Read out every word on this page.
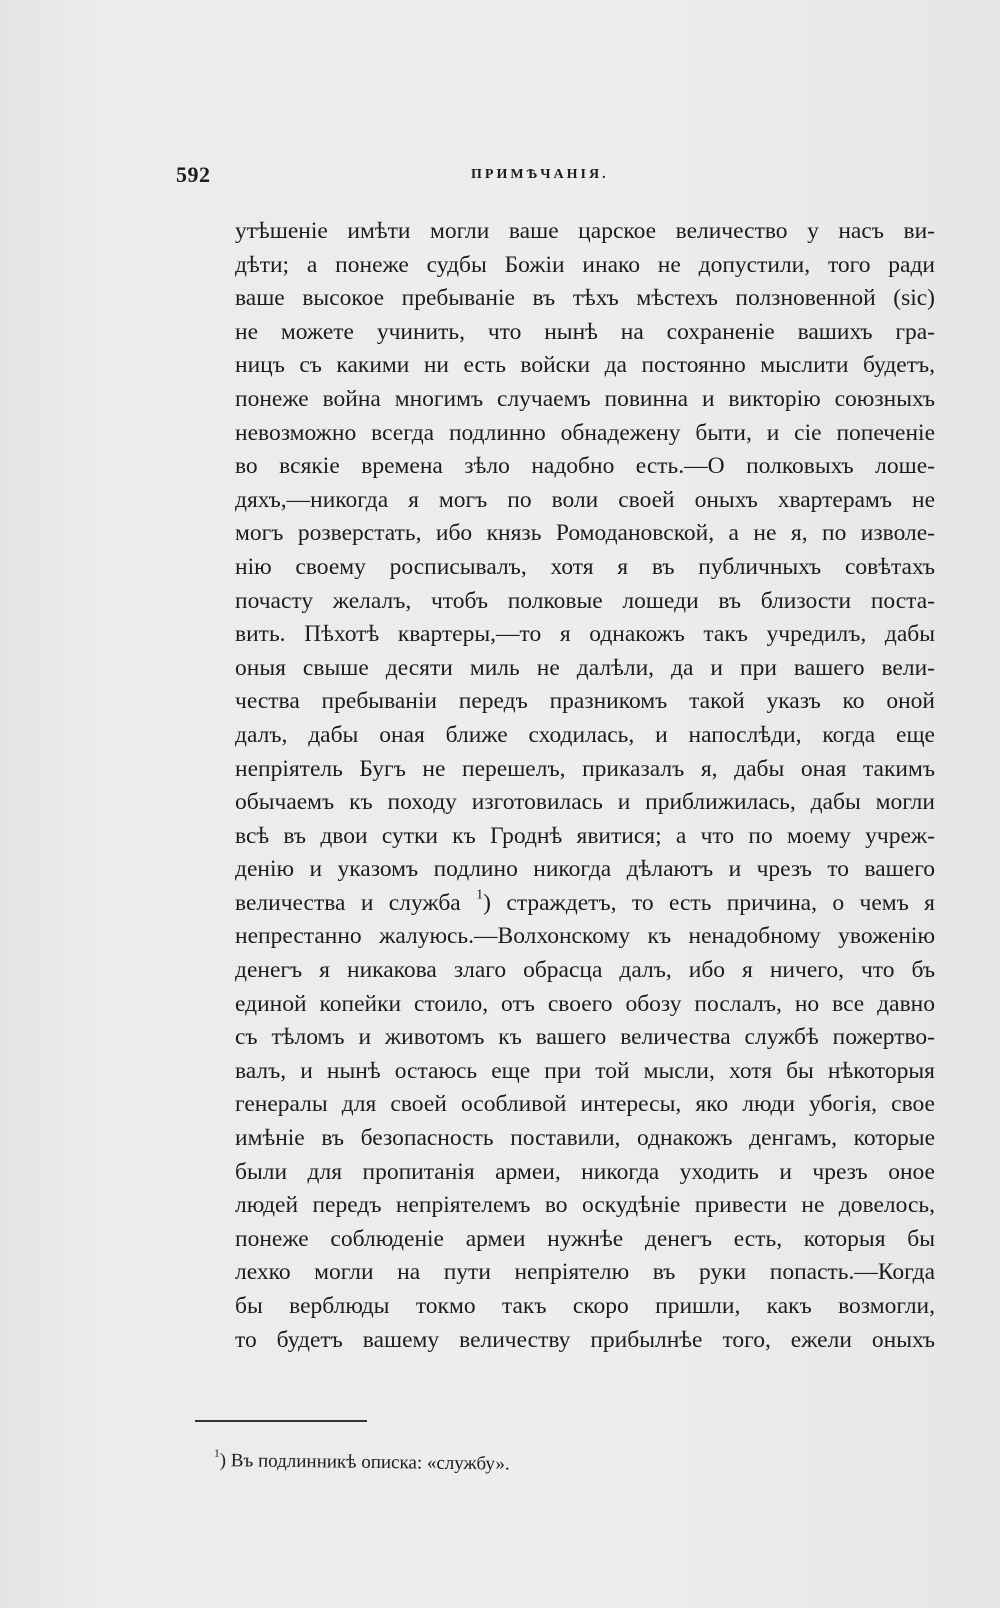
592	ПРИМѢЧАНІЯ.
утѣшеніе имѣти могли ваше царское величество у насъ ви-
дѣти; а понеже судбы Божіи инако не допустили, того ради
ваше высокое пребываніе въ тѣхъ мѣстехъ ползновенной (sic)
не можете учинить, что нынѣ на сохраненіе вашихъ гра-
ницъ съ какими ни есть войски да постоянно мыслити будетъ,
понеже война многимъ случаемъ повинна и викторію союзныхъ
невозможно всегда подлинно обнадежену быти, и сіе попеченіе
во всякіе времена зѣло надобно есть.—О полковыхъ лоше-
дяхъ,—никогда я могъ по воли своей оныхъ хвартерамъ не
могъ розверстать, ибо князь Ромодановской, а не я, по изволе-
нію своему росписывалъ, хотя я въ публичныхъ совѣтахъ
почасту желалъ, чтобъ полковые лошеди въ близости поста-
вить. Пѣхотѣ квартеры,—то я однакожъ такъ учредилъ, дабы
оныя свыше десяти миль не далѣли, да и при вашего вели-
чества пребываніи передъ празникомъ такой указъ ко оной
далъ, дабы оная ближе сходилась, и напослѣди, когда еще
непріятель Бугъ не перешелъ, приказалъ я, дабы оная такимъ
обычаемъ къ походу изготовилась и приближилась, дабы могли
всѣ въ двои сутки къ Гроднѣ явитися; а что по моему учреж-
денію и указомъ подлино никогда дѣлаютъ и чрезъ то вашего
величества и служба $^1$) страждетъ, то есть причина, о чемъ я
непрестанно жалуюсь.—Волхонскому къ ненадобному увоженію
денегъ я никакова злаго обрасца далъ, ибо я ничего, что бъ
единой копейки стоило, отъ своего обозу послалъ, но все давно
съ тѣломъ и животомъ къ вашего величества службѣ пожертво-
валъ, и нынѣ остаюсь еще при той мысли, хотя бы нѣкоторыя
генералы для своей особливой интересы, яко люди убогія, свое
имѣніе въ безопасность поставили, однакожъ денгамъ, которые
были для пропитанія армеи, никогда уходить и чрезъ оное
людей передъ непріятелемъ во оскудѣніе привести не довелось,
понеже соблюденіе армеи нужнѣе денегъ есть, которыя бы
лехко могли на пути непріятелю въ руки попасть.—Когда
бы верблюды токмо такъ скоро пришли, какъ возмогли,
то будетъ вашему величеству прибылнѣе того, ежели оныхъ
$^1$) Въ подлинникѣ описка: «службу».
